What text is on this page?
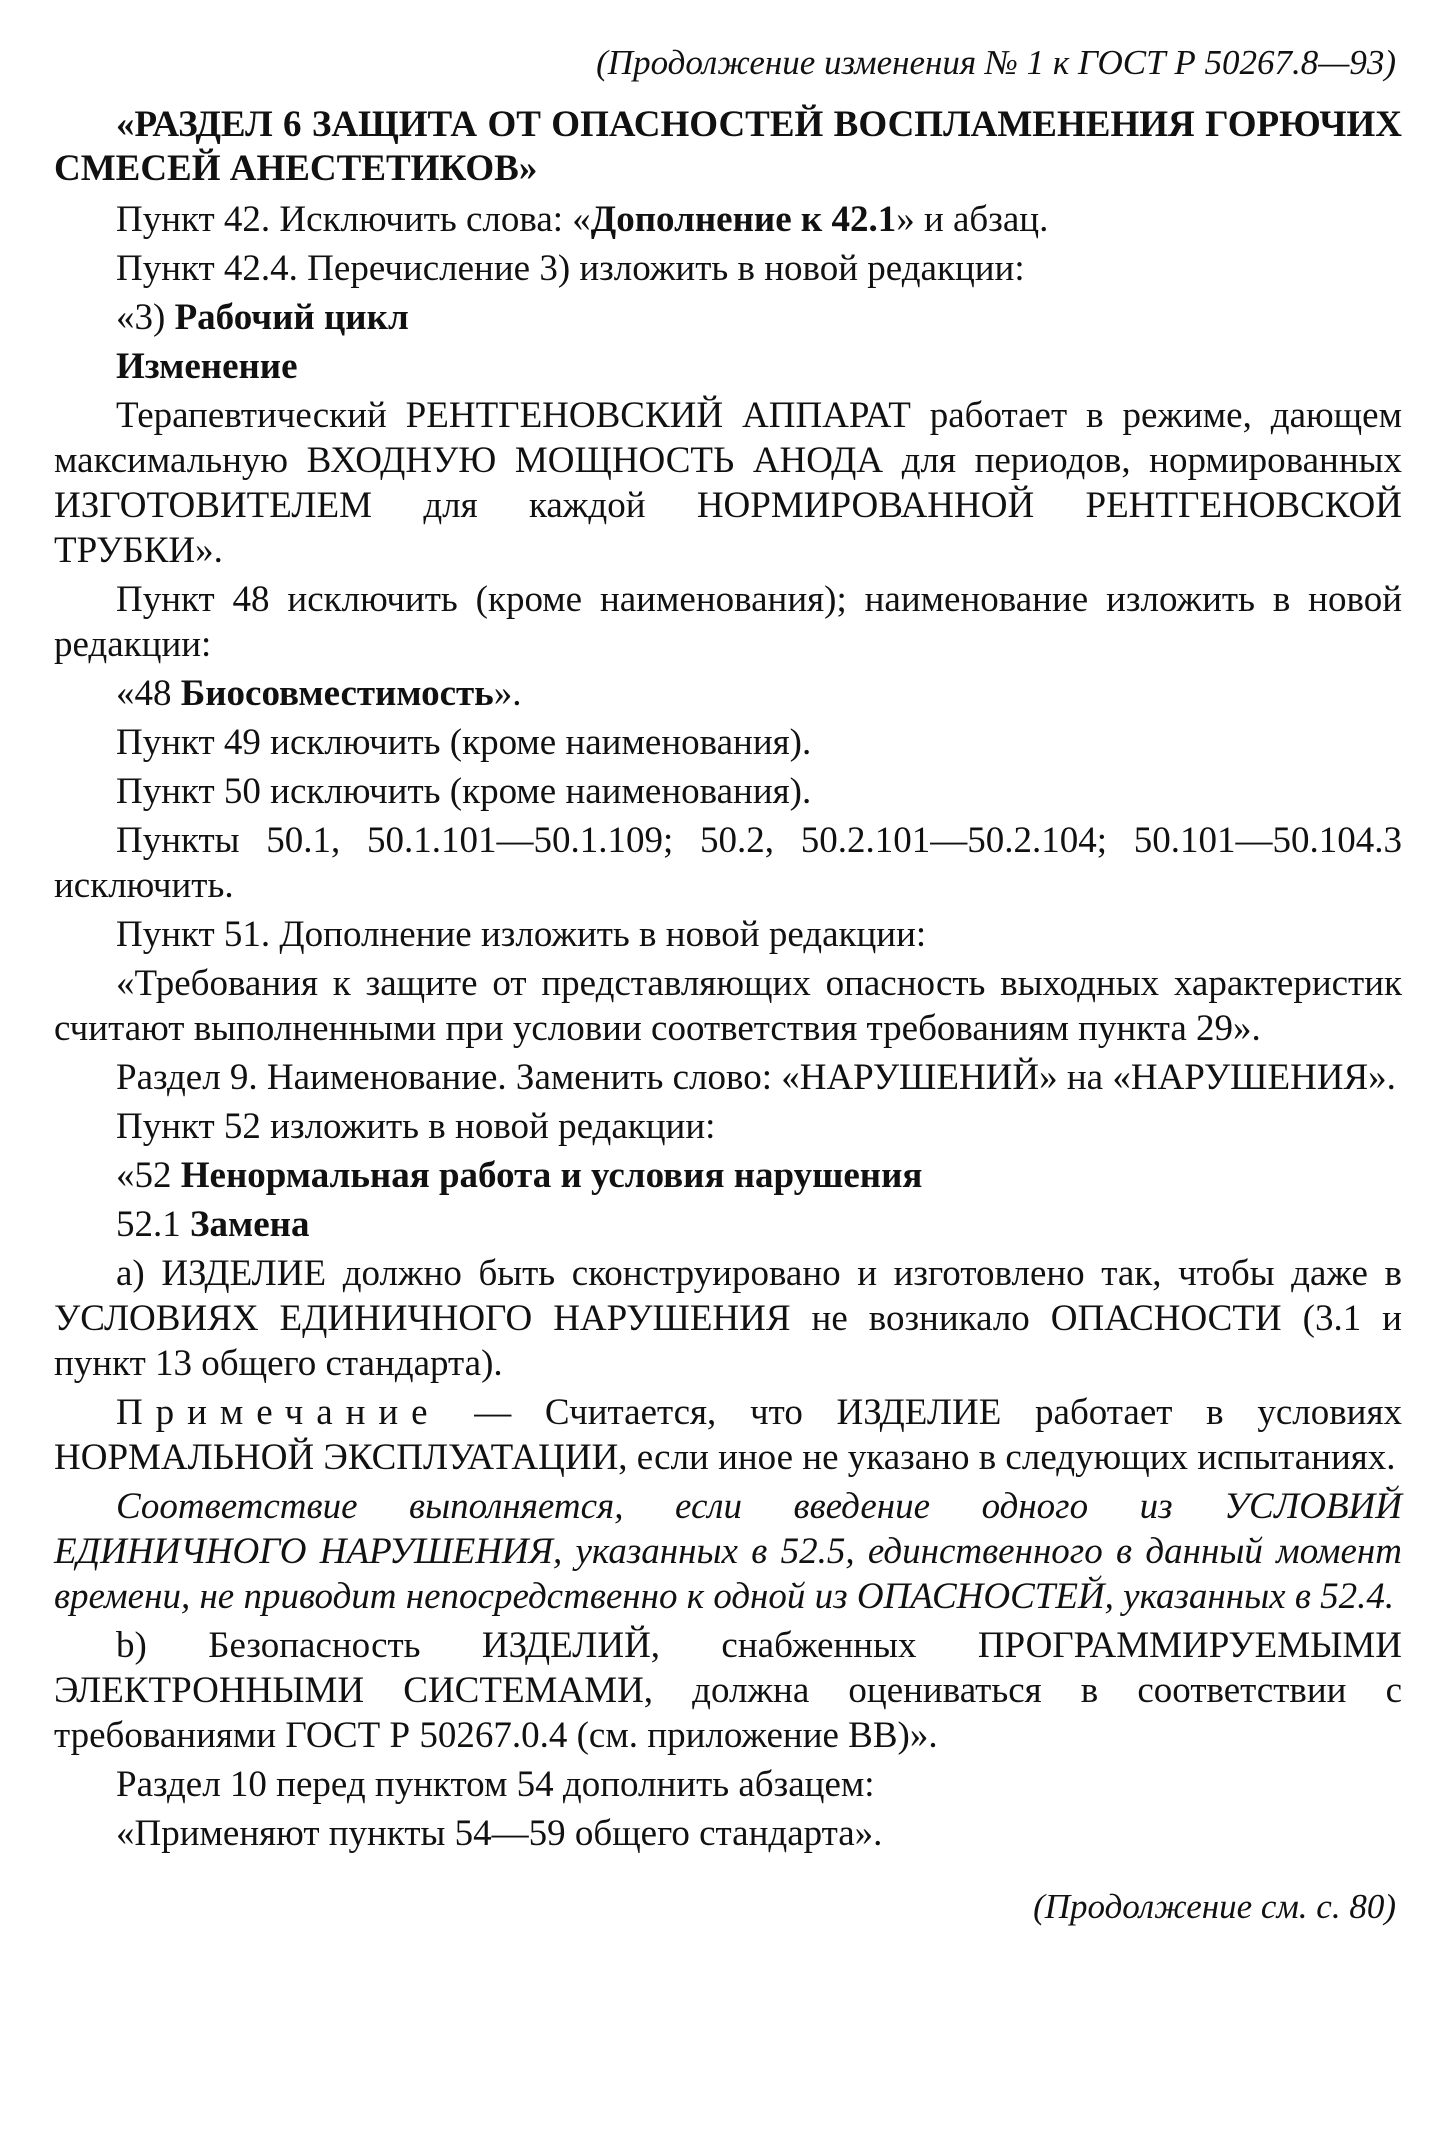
(Продолжение изменения № 1 к ГОСТ Р 50267.8—93)
«РАЗДЕЛ 6 ЗАЩИТА ОТ ОПАСНОСТЕЙ ВОСПЛАМЕНЕНИЯ ГОРЮЧИХ СМЕСЕЙ АНЕСТЕТИКОВ»
Пункт 42. Исключить слова: «Дополнение к 42.1» и абзац.
Пункт 42.4. Перечисление 3) изложить в новой редакции:
«3) Рабочий цикл
Изменение
Терапевтический РЕНТГЕНОВСКИЙ АППАРАТ работает в режиме, дающем максимальную ВХОДНУЮ МОЩНОСТЬ АНОДА для периодов, нормированных ИЗГОТОВИТЕЛЕМ для каждой НОРМИРОВАННОЙ РЕНТГЕНОВСКОЙ ТРУБКИ».
Пункт 48 исключить (кроме наименования); наименование изложить в новой редакции:
«48 Биосовместимость».
Пункт 49 исключить (кроме наименования).
Пункт 50 исключить (кроме наименования).
Пункты 50.1, 50.1.101—50.1.109; 50.2, 50.2.101—50.2.104; 50.101—50.104.3 исключить.
Пункт 51. Дополнение изложить в новой редакции:
«Требования к защите от представляющих опасность выходных характеристик считают выполненными при условии соответствия требованиям пункта 29».
Раздел 9. Наименование. Заменить слово: «НАРУШЕНИЙ» на «НАРУШЕНИЯ».
Пункт 52 изложить в новой редакции:
«52 Ненормальная работа и условия нарушения
52.1 Замена
а) ИЗДЕЛИЕ должно быть сконструировано и изготовлено так, чтобы даже в УСЛОВИЯХ ЕДИНИЧНОГО НАРУШЕНИЯ не возникало ОПАСНОСТИ (3.1 и пункт 13 общего стандарта).
Примечание — Считается, что ИЗДЕЛИЕ работает в условиях НОРМАЛЬНОЙ ЭКСПЛУАТАЦИИ, если иное не указано в следующих испытаниях.
Соответствие выполняется, если введение одного из УСЛОВИЙ ЕДИНИЧНОГО НАРУШЕНИЯ, указанных в 52.5, единственного в данный момент времени, не приводит непосредственно к одной из ОПАСНОСТЕЙ, указанных в 52.4.
b) Безопасность ИЗДЕЛИЙ, снабженных ПРОГРАММИРУЕМЫМИ ЭЛЕКТРОННЫМИ СИСТЕМАМИ, должна оцениваться в соответствии с требованиями ГОСТ Р 50267.0.4 (см. приложение ВВ)».
Раздел 10 перед пунктом 54 дополнить абзацем:
«Применяют пункты 54—59 общего стандарта».
(Продолжение см. с. 80)
